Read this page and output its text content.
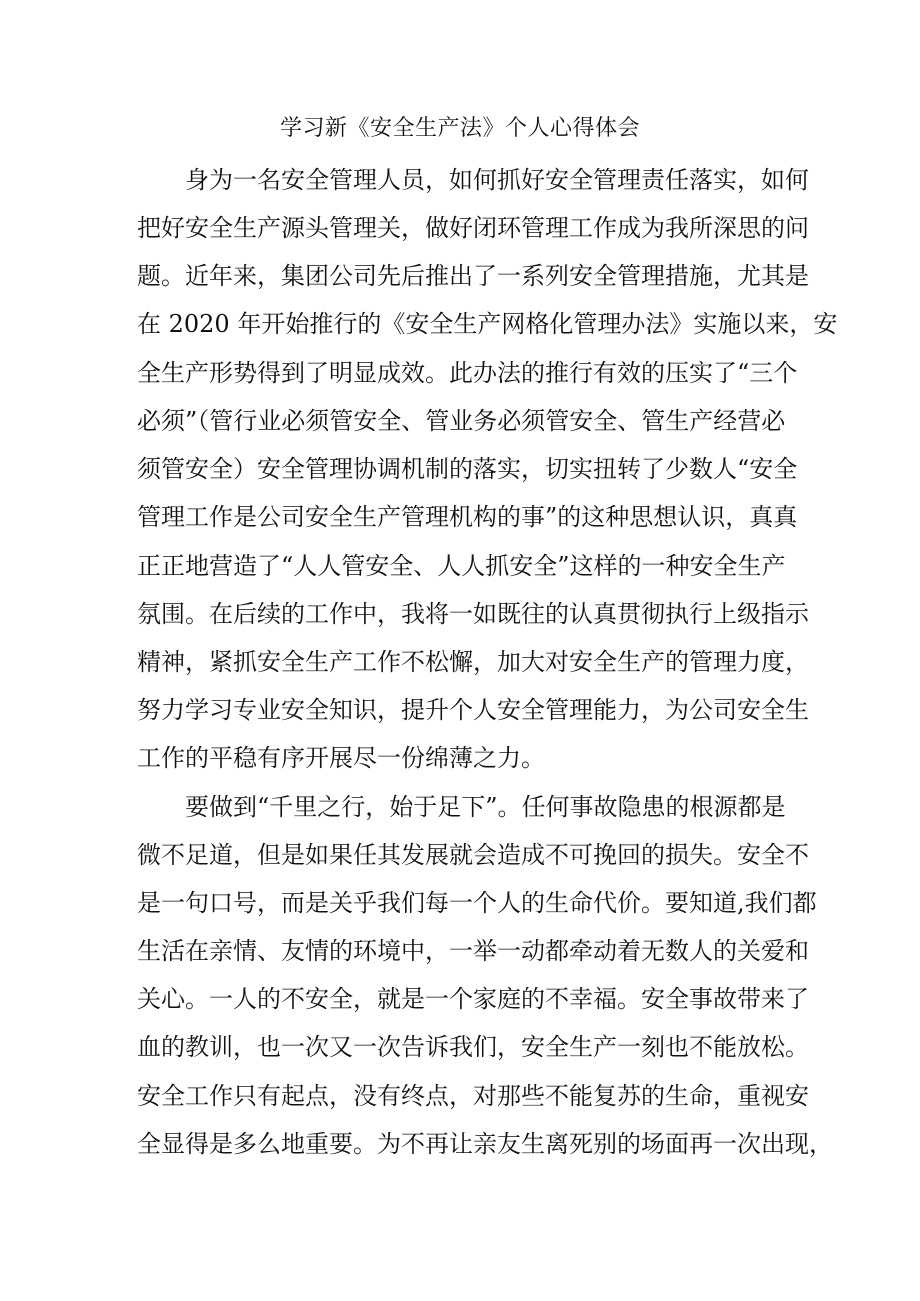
学习新《安全生产法》个人心得体会
　　身为一名安全管理人员，如何抓好安全管理责任落实，如何
把好安全生产源头管理关，做好闭环管理工作成为我所深思的问
题。近年来，集团公司先后推出了一系列安全管理措施，尤其是
在 2020 年开始推行的《安全生产网格化管理办法》实施以来，安
全生产形势得到了明显成效。此办法的推行有效的压实了“三个
必须”（管行业必须管安全、管业务必须管安全、管生产经营必
须管安全）安全管理协调机制的落实，切实扭转了少数人“安全
管理工作是公司安全生产管理机构的事”的这种思想认识，真真
正正地营造了“人人管安全、人人抓安全”这样的一种安全生产
氛围。在后续的工作中，我将一如既往的认真贯彻执行上级指示
精神，紧抓安全生产工作不松懈，加大对安全生产的管理力度，
努力学习专业安全知识，提升个人安全管理能力，为公司安全生
工作的平稳有序开展尽一份绵薄之力。
　　要做到“千里之行，始于足下”。任何事故隐患的根源都是
微不足道，但是如果任其发展就会造成不可挽回的损失。安全不
是一句口号，而是关乎我们每一个人的生命代价。要知道,我们都
生活在亲情、友情的环境中，一举一动都牵动着无数人的关爱和
关心。一人的不安全，就是一个家庭的不幸福。安全事故带来了
血的教训，也一次又一次告诉我们，安全生产一刻也不能放松。
安全工作只有起点，没有终点，对那些不能复苏的生命，重视安
全显得是多么地重要。为不再让亲友生离死别的场面再一次出现，
